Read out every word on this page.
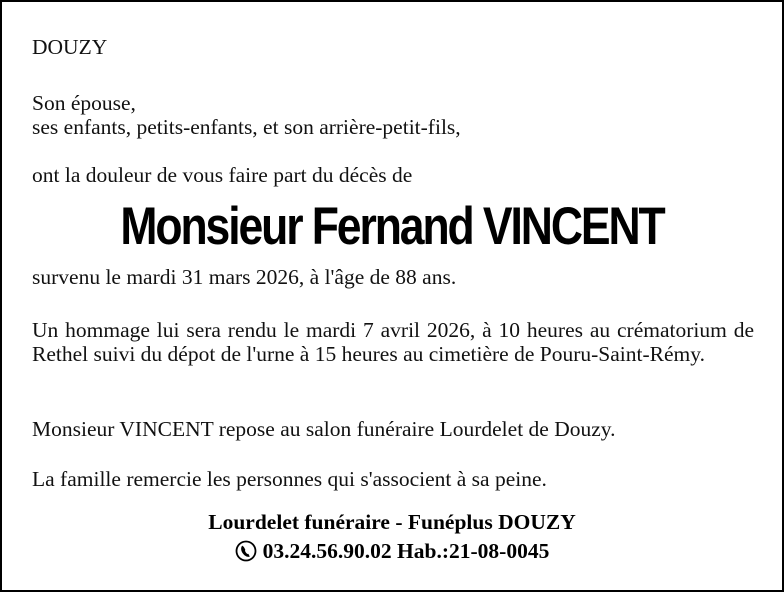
DOUZY
Son épouse,
ses enfants, petits-enfants, et son arrière-petit-fils,
ont la douleur de vous faire part du décès de
Monsieur Fernand VINCENT
survenu le mardi 31 mars 2026, à l'âge de 88 ans.
Un hommage lui sera rendu le mardi 7 avril 2026, à 10 heures au crématorium de Rethel suivi du dépot de l'urne à 15 heures au cimetière de Pouru-Saint-Rémy.
Monsieur VINCENT repose au salon funéraire Lourdelet de Douzy.
La famille remercie les personnes qui s'associent à sa peine.
Lourdelet funéraire - Funéplus DOUZY
03.24.56.90.02 Hab.:21-08-0045
